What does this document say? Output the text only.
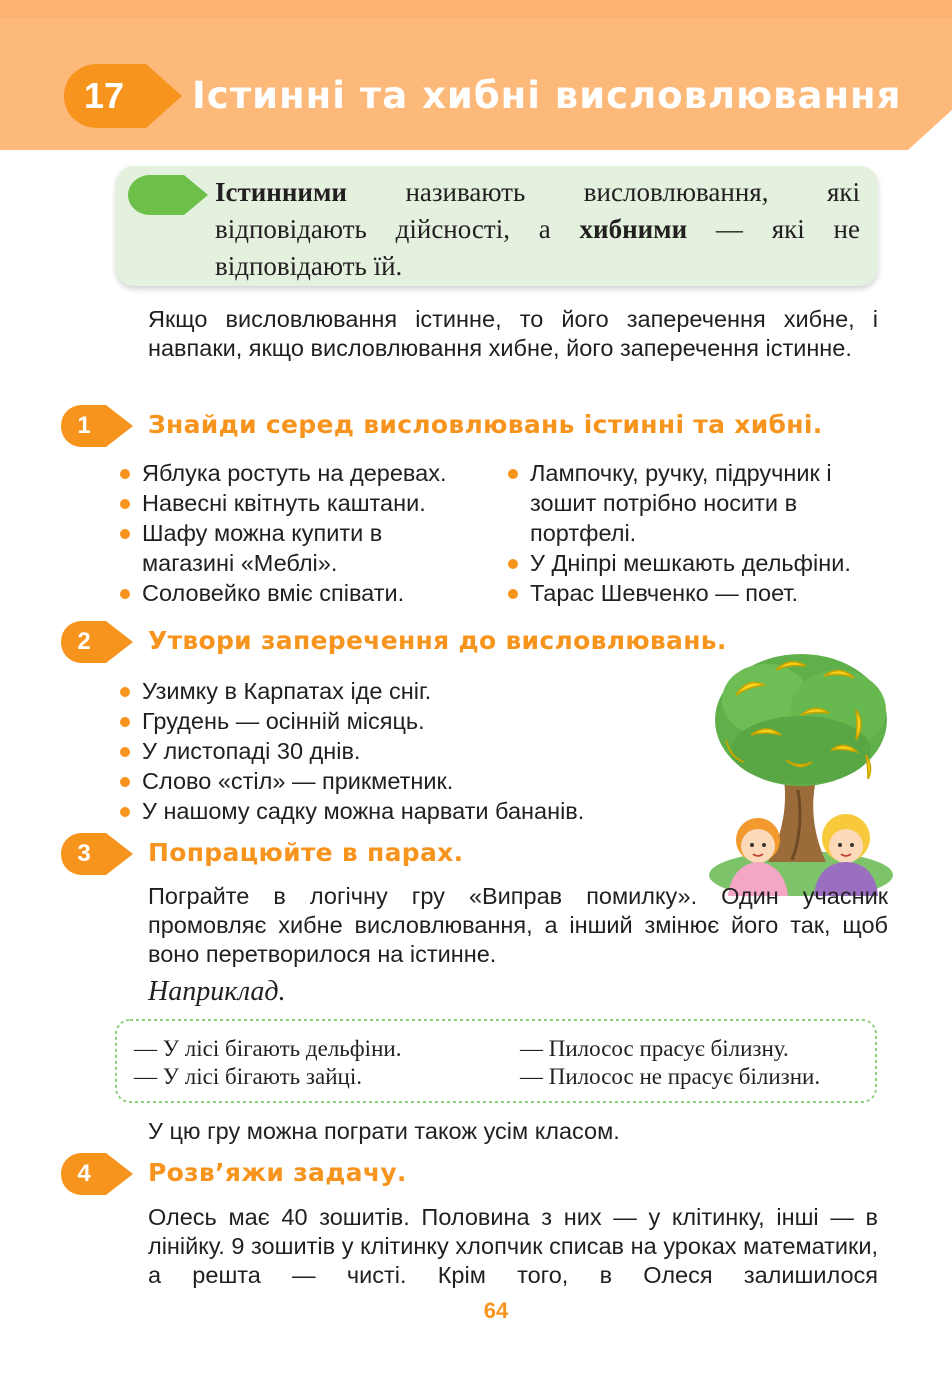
17	Істинні та хибні висловлювання
Істинними називають висловлювання, які відповідають дійсності, а хибними — які не відповідають їй.
Якщо висловлювання істинне, то його заперечення хибне, і навпаки, якщо висловлювання хибне, його заперечення істинне.
1	Знайди серед висловлювань істинні та хибні.
Яблука ростуть на деревах.
Навесні квітнуть каштани.
Шафу можна купити в магазині «Меблі».
Соловейко вміє співати.
Лампочку, ручку, підручник і зошит потрібно носити в портфелі.
У Дніпрі мешкають дельфіни.
Тарас Шевченко — поет.
2	Утвори заперечення до висловлювань.
Узимку в Карпатах іде сніг.
Грудень — осінній місяць.
У листопаді 30 днів.
Слово «стіл» — прикметник.
У нашому садку можна нарвати бананів.
3	Попрацюйте в парах.
Пограйте в логічну гру «Виправ помилку». Один учасник промовляє хибне висловлювання, а інший змінює його так, щоб воно перетворилося на істинне.
Наприклад.
— У лісі бігають дельфіни.
— У лісі бігають зайці.
— Пилосос прасує білизну.
— Пилосос не прасує білизни.
У цю гру можна пограти також усім класом.
4	Розв’яжи задачу.
Олесь має 40 зошитів. Половина з них — у клітинку, інші — в лінійку. 9 зошитів у клітинку хлопчик списав на уроках математики, а решта — чисті. Крім того, в Олеся залишилося
64
